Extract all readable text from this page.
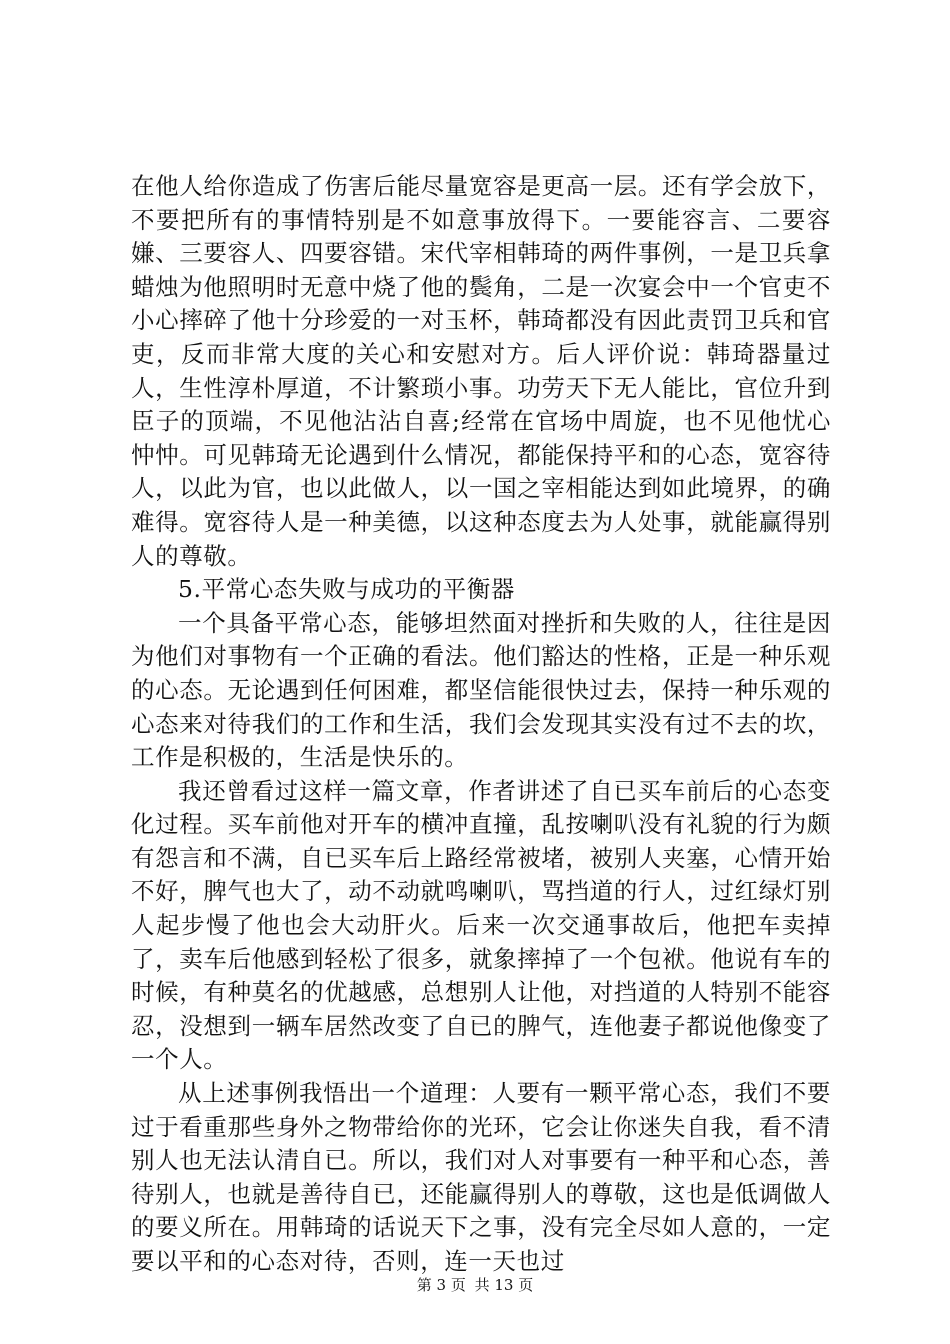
在他人给你造成了伤害后能尽量宽容是更高一层。还有学会放下，不要把所有的事情特别是不如意事放得下。一要能容言、二要容嫌、三要容人、四要容错。宋代宰相韩琦的两件事例，一是卫兵拿蜡烛为他照明时无意中烧了他的鬓角，二是一次宴会中一个官吏不小心摔碎了他十分珍爱的一对玉杯，韩琦都没有因此责罚卫兵和官吏，反而非常大度的关心和安慰对方。后人评价说：韩琦器量过人，生性淳朴厚道，不计繁琐小事。功劳天下无人能比，官位升到臣子的顶端，不见他沾沾自喜;经常在官场中周旋，也不见他忧心忡忡。可见韩琦无论遇到什么情况，都能保持平和的心态，宽容待人，以此为官，也以此做人，以一国之宰相能达到如此境界，的确难得。宽容待人是一种美德，以这种态度去为人处事，就能赢得别人的尊敬。

5.平常心态失败与成功的平衡器

一个具备平常心态，能够坦然面对挫折和失败的人，往往是因为他们对事物有一个正确的看法。他们豁达的性格，正是一种乐观的心态。无论遇到任何困难，都坚信能很快过去，保持一种乐观的心态来对待我们的工作和生活，我们会发现其实没有过不去的坎，工作是积极的，生活是快乐的。

我还曾看过这样一篇文章，作者讲述了自已买车前后的心态变化过程。买车前他对开车的横冲直撞，乱按喇叭没有礼貌的行为颇有怨言和不满，自已买车后上路经常被堵，被别人夹塞，心情开始不好，脾气也大了，动不动就鸣喇叭，骂挡道的行人，过红绿灯别人起步慢了他也会大动肝火。后来一次交通事故后，他把车卖掉了，卖车后他感到轻松了很多，就象摔掉了一个包袱。他说有车的时候，有种莫名的优越感，总想别人让他，对挡道的人特别不能容忍，没想到一辆车居然改变了自已的脾气，连他妻子都说他像变了一个人。

从上述事例我悟出一个道理：人要有一颗平常心态，我们不要过于看重那些身外之物带给你的光环，它会让你迷失自我，看不清别人也无法认清自已。所以，我们对人对事要有一种平和心态，善待别人，也就是善待自已，还能赢得别人的尊敬，这也是低调做人的要义所在。用韩琦的话说天下之事，没有完全尽如人意的，一定要以平和的心态对待，否则，连一天也过

第 3 页 共 13 页
